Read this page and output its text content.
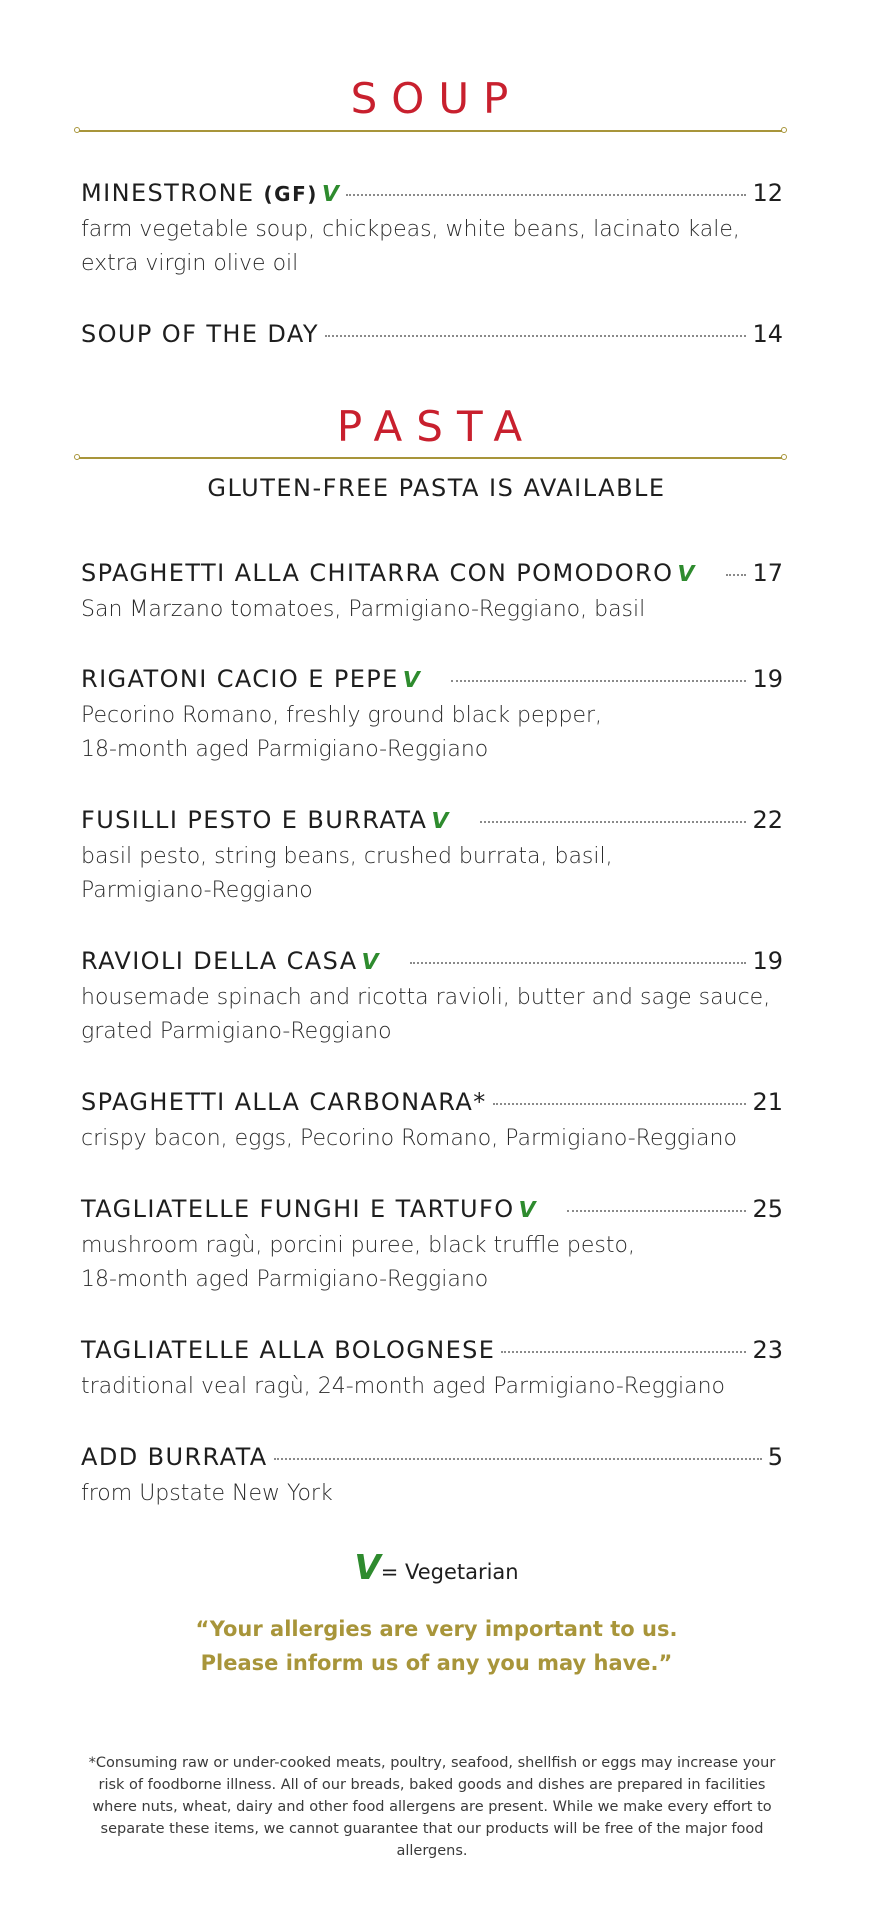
SOUP
MINESTRONE (GF) ᐯ	12
farm vegetable soup, chickpeas, white beans, lacinato kale,
extra virgin olive oil
SOUP OF THE DAY	14
PASTA
GLUTEN-FREE PASTA IS AVAILABLE
SPAGHETTI ALLA CHITARRA CON POMODORO ᐯ 17
San Marzano tomatoes, Parmigiano-Reggiano, basil
RIGATONI CACIO E PEPE ᐯ	19
Pecorino Romano, freshly ground black pepper,
18-month aged Parmigiano-Reggiano
FUSILLI PESTO E BURRATA ᐯ	22
basil pesto, string beans, crushed burrata, basil,
Parmigiano-Reggiano
RAVIOLI DELLA CASA ᐯ	19
housemade spinach and ricotta ravioli, butter and sage sauce,
grated Parmigiano-Reggiano
SPAGHETTI ALLA CARBONARA*	21
crispy bacon, eggs, Pecorino Romano, Parmigiano-Reggiano
TAGLIATELLE FUNGHI E TARTUFO ᐯ	25
mushroom ragù, porcini puree, black truffle pesto,
18-month aged Parmigiano-Reggiano
TAGLIATELLE ALLA BOLOGNESE	23
traditional veal ragù, 24-month aged Parmigiano-Reggiano
ADD BURRATA	5
from Upstate New York
ᐯ= Vegetarian
“Your allergies are very important to us.
Please inform us of any you may have.”
*Consuming raw or under-cooked meats, poultry, seafood, shellfish or eggs may increase your risk of foodborne illness. All of our breads, baked goods and dishes are prepared in facilities where nuts, wheat, dairy and other food allergens are present. While we make every effort to separate these items, we cannot guarantee that our products will be free of the major food allergens.
